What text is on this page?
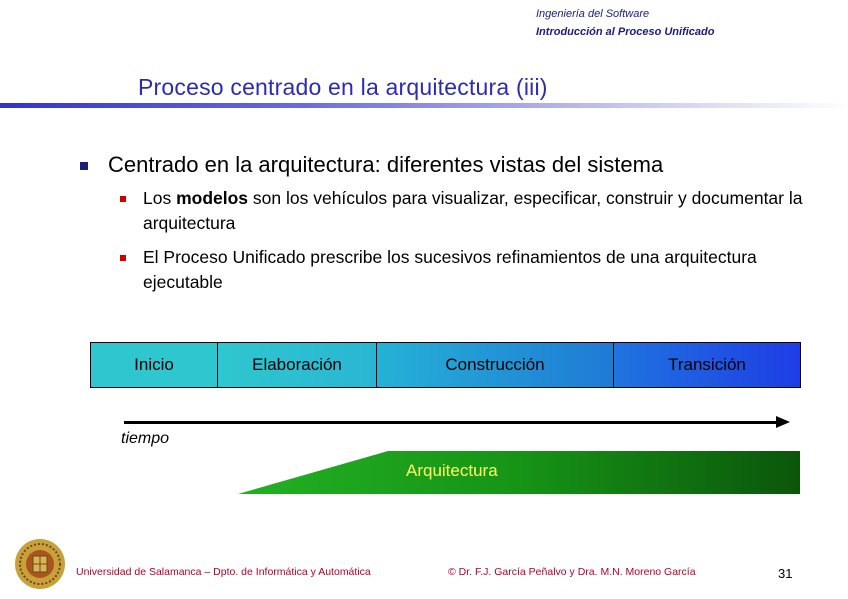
Ingeniería del Software
Introducción al Proceso Unificado
Proceso centrado en la arquitectura (iii)
Centrado en la arquitectura: diferentes vistas del sistema
Los modelos son los vehículos para visualizar, especificar, construir y documentar la arquitectura
El Proceso Unificado prescribe los sucesivos refinamientos de una arquitectura ejecutable
Inicio	Elaboración	Construcción	Transición
tiempo
Arquitectura
Universidad de Salamanca – Dpto. de Informática y Automática	© Dr. F.J. García Peñalvo y Dra. M.N. Moreno García	31
